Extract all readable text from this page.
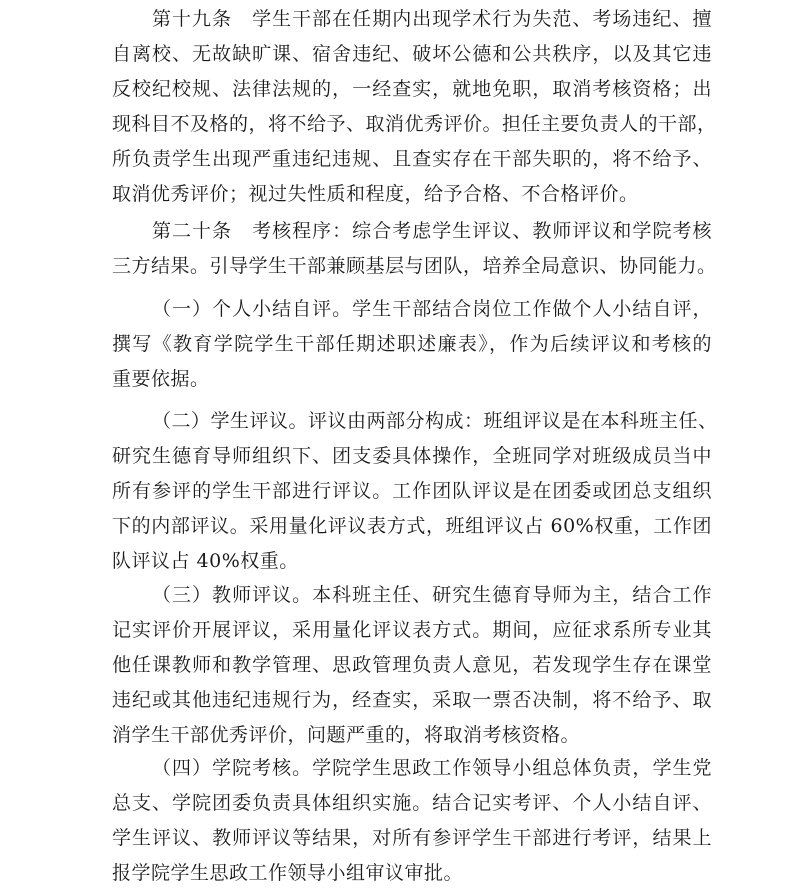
第十九条　学生干部在任期内出现学术行为失范、考场违纪、擅
自离校、无故缺旷课、宿舍违纪、破坏公德和公共秩序，以及其它违
反校纪校规、法律法规的，一经查实，就地免职，取消考核资格；出
现科目不及格的，将不给予、取消优秀评价。担任主要负责人的干部，
所负责学生出现严重违纪违规、且查实存在干部失职的，将不给予、
取消优秀评价；视过失性质和程度，给予合格、不合格评价。
第二十条　考核程序：综合考虑学生评议、教师评议和学院考核
三方结果。引导学生干部兼顾基层与团队，培养全局意识、协同能力。
（一）个人小结自评。学生干部结合岗位工作做个人小结自评，
撰写《教育学院学生干部任期述职述廉表》，作为后续评议和考核的
重要依据。
（二）学生评议。评议由两部分构成：班组评议是在本科班主任、
研究生德育导师组织下、团支委具体操作，全班同学对班级成员当中
所有参评的学生干部进行评议。工作团队评议是在团委或团总支组织
下的内部评议。采用量化评议表方式，班组评议占 60%权重，工作团
队评议占 40%权重。
（三）教师评议。本科班主任、研究生德育导师为主，结合工作
记实评价开展评议，采用量化评议表方式。期间，应征求系所专业其
他任课教师和教学管理、思政管理负责人意见，若发现学生存在课堂
违纪或其他违纪违规行为，经查实，采取一票否决制，将不给予、取
消学生干部优秀评价，问题严重的，将取消考核资格。
（四）学院考核。学院学生思政工作领导小组总体负责，学生党
总支、学院团委负责具体组织实施。结合记实考评、个人小结自评、
学生评议、教师评议等结果，对所有参评学生干部进行考评，结果上
报学院学生思政工作领导小组审议审批。
